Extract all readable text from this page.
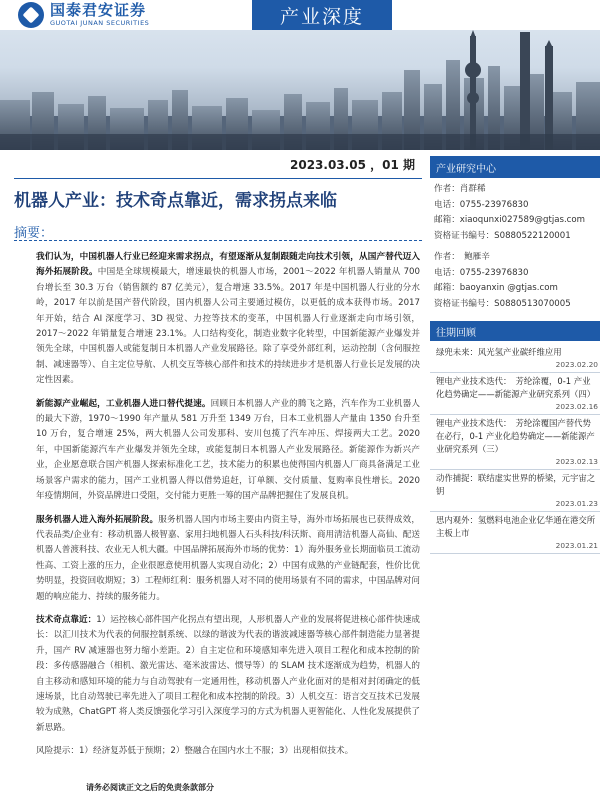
国泰君安证券
GUOTAI JUNAN SECURITIES	产业深度
2023.03.05 ，01 期
机器人产业：技术奇点靠近，需求拐点来临
摘要：

我们认为，中国机器人行业已经迎来需求拐点，有望逐渐从复制跟随走向技术引领，从国产替代迈入海外拓展阶段。中国是全球规模最大，增速最快的机器人市场，2001～2022 年机器人销量从 700 台增长至 30.3 万台（销售额约 87 亿美元），复合增速 33.5%。2017 年是中国机器人行业的分水岭，2017 年以前是国产替代阶段，国内机器人公司主要通过模仿，以更低的成本获得市场。2017 年开始，结合 AI 深度学习、3D 视觉、力控等技术的变革，中国机器人行业逐渐走向市场引领，2017～2022 年销量复合增速 23.1%。人口结构变化，制造业数字化转型，中国新能源产业爆发并领先全球，中国机器人或能复制日本机器人产业发展路径。除了享受外部红利，运动控制（含伺服控制、减速器等）、自主定位导航、人机交互等核心部件和技术的持续进步才是机器人行业长足发展的决定性因素。

新能源产业崛起，工业机器人进口替代提速。回顾日本机器人产业的腾飞之路，汽车作为工业机器人的最大下游，1970～1990 年产量从 581 万升至 1349 万台，日本工业机器人产量由 1350 台升至 10 万台，复合增速 25%，两大机器人公司发那科、安川包揽了汽车冲压、焊接两大工艺。2020 年，中国新能源汽车产业爆发并领先全球，或能复制日本机器人产业发展路径。新能源作为新兴产业，企业愿意联合国产机器人探索标准化工艺，技术能力的积累也使得国内机器人厂商具备满足工业场景客户需求的能力，国产工业机器人得以借势追赶，订单额、交付质量、复购率良性增长。2020 年疫情期间，外资品牌进口受阻，交付能力更胜一筹的国产品牌把握住了发展良机。

服务机器人进入海外拓展阶段。服务机器人国内市场主要由内资主导，海外市场拓展也已获得成效，代表品类/企业有：移动机器人极智嘉、家用扫地机器人石头科技/科沃斯、商用清洁机器人高仙、配送机器人普渡科技、农业无人机大疆。中国品牌拓展海外市场的优势：1）海外服务业长期面临员工流动性高、工资上涨的压力，企业很愿意使用机器人实现自动化；2）中国有成熟的产业链配套，性价比优势明显，投资回收期短；3）工程师红利：服务机器人对不同的使用场景有不同的需求，中国品牌对问题的响应能力、持续的服务能力。

技术奇点靠近：1）运控核心部件国产化拐点有望出现，人形机器人产业的发展将促进核心部件快速成长：以汇川技术为代表的伺服控制系统、以绿的谐波为代表的谐波减速器等核心部件制造能力显著提升，国产 RV 减速器也努力缩小差距。2）自主定位和环境感知率先进入项目工程化和成本控制的阶段：多传感器融合（相机、激光雷达、毫米波雷达、惯导等）的 SLAM 技术逐渐成为趋势，机器人的自主移动和感知环境的能力与自动驾驶有一定通用性，移动机器人产业化面对的是相对封闭确定的低速场景，比自动驾驶已率先进入了项目工程化和成本控制的阶段。3）人机交互：语言交互技术已发展较为成熟，ChatGPT 将人类反馈强化学习引入深度学习的方式为机器人更智能化、人性化发展提供了新思路。

风险提示：1）经济复苏低于预期；2）整融合在国内水土不服；3）出现相似技术。

请务必阅读正文之后的免责条款部分
产业研究中心
作者：肖群稀
电话：0755-23976830
邮箱：xiaoqunxi027589@gtjas.com
资格证书编号：S0880522120001
作者：　鲍雁辛
电话：0755-23976830
邮箱：baoyanxin @gtjas.com
资格证书编号：S0880513070005
往期回顾
绿兜未来：风光氢产业碳纤维应用
2023.02.20
锂电产业技术迭代：　芳纶涂覆，0-1 产业化趋势确定——新能源产业研究系列（四）
2023.02.16
锂电产业技术迭代：　芳纶涂覆国产替代势在必行，0-1 产业化趋势确定——新能源产业研究系列（三）
2023.02.13
动作捕捉：联结虚实世界的桥梁，元宇宙之钥
2023.01.23
思内观外：氢燃料电池企业亿华通在港交所主板上市
2023.01.21
